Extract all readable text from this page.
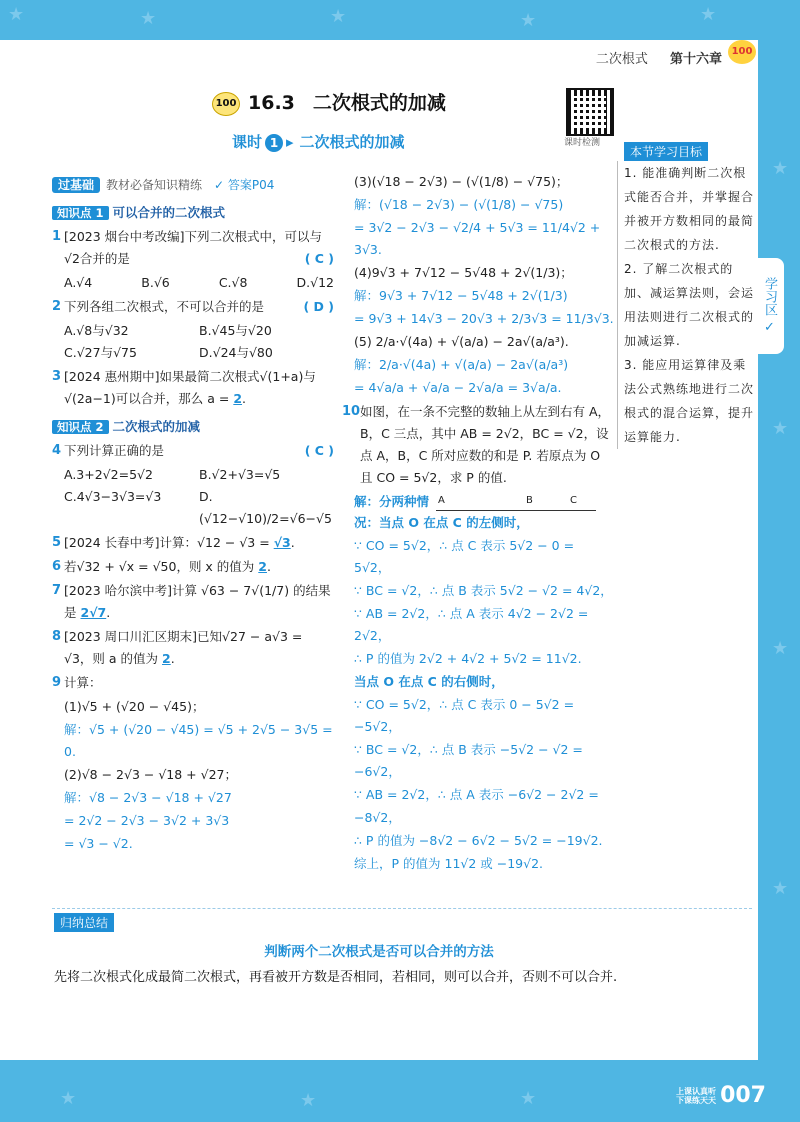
★	★	★	★	★
★
★
★
★
★	★	★
二次根式 第十六章
100
100 16.3 二次根式的加减
课时检测
课时 1 ▸ 二次根式的加减
本节学习目标

1. 能准确判断二次根式能否合并，并掌握合并被开方数相同的最简二次根式的方法.

2. 了解二次根式的加、减运算法则，会运用法则进行二次根式的加减运算.

3. 能应用运算律及乘法公式熟练地进行二次根式的混合运算，提升运算能力.

过基础 教材必备知识精练 ✓ 答案P04
知识点 1 可以合并的二次根式
1 [2023 烟台中考改编]下列二次根式中，可以与√2合并的是	( C )
A.√4	B.√6	C.√8	D.√12
2 下列各组二次根式，不可以合并的是	( D )
A.√8与√32	B.√45与√20
C.√27与√75	D.√24与√80
3 [2024 惠州期中]如果最简二次根式√(1+a)与√(2a−1)可以合并，那么 a = 2.
知识点 2 二次根式的加减
4 下列计算正确的是	( C )
A.3+2√2=5√2	B.√2+√3=√5
C.4√3−3√3=√3	D.(√12−√10)/2=√6−√5
5 [2024 长春中考]计算：√12 − √3 = √3.
6 若√32 + √x = √50，则 x 的值为 2.
7 [2023 哈尔滨中考]计算 √63 − 7√(1/7) 的结果是 2√7.
8 [2023 周口川汇区期末]已知√27 − a√3 = √3，则 a 的值为 2.
9 计算：
(1)√5 + (√20 − √45)；
解：√5 + (√20 − √45) = √5 + 2√5 − 3√5 = 0.
(2)√8 − 2√3 − √18 + √27；
解：√8 − 2√3 − √18 + √27
= 2√2 − 2√3 − 3√2 + 3√3
= √3 − √2.
(3)(√18 − 2√3) − (√(1/8) − √75)；
解：(√18 − 2√3) − (√(1/8) − √75)
= 3√2 − 2√3 − √2/4 + 5√3 = 11/4√2 + 3√3.
(4)9√3 + 7√12 − 5√48 + 2√(1/3)；
解：9√3 + 7√12 − 5√48 + 2√(1/3)
= 9√3 + 14√3 − 20√3 + 2/3√3 = 11/3√3.
(5) 2/a·√(4a) + √(a/a) − 2a√(a/a³).
解：2/a·√(4a) + √(a/a) − 2a√(a/a³)
= 4√a/a + √a/a − 2√a/a = 3√a/a.
10 如图，在一条不完整的数轴上从左到右有 A，B，C 三点，其中 AB = 2√2，BC = √2，设点 A，B，C 所对应数的和是 P. 若原点为 O 且 CO = 5√2，求 P 的值.
解：分两种情 A	B	C
况：当点 O 在点 C 的左侧时，
∵ CO = 5√2，∴ 点 C 表示 5√2 − 0 = 5√2，
∵ BC = √2，∴ 点 B 表示 5√2 − √2 = 4√2，
∵ AB = 2√2，∴ 点 A 表示 4√2 − 2√2 = 2√2，
∴ P 的值为 2√2 + 4√2 + 5√2 = 11√2.
当点 O 在点 C 的右侧时，
∵ CO = 5√2，∴ 点 C 表示 0 − 5√2 = −5√2，
∵ BC = √2，∴ 点 B 表示 −5√2 − √2 = −6√2，
∵ AB = 2√2，∴ 点 A 表示 −6√2 − 2√2 =
−8√2，
∴ P 的值为 −8√2 − 6√2 − 5√2 = −19√2.
综上，P 的值为 11√2 或 −19√2.
归纳总结
判断两个二次根式是否可以合并的方法
先将二次根式化成最简二次根式，再看被开方数是否相同，若相同，则可以合并，否则不可以合并.
学习区 ✓
上课认真听
下课练天天 007
